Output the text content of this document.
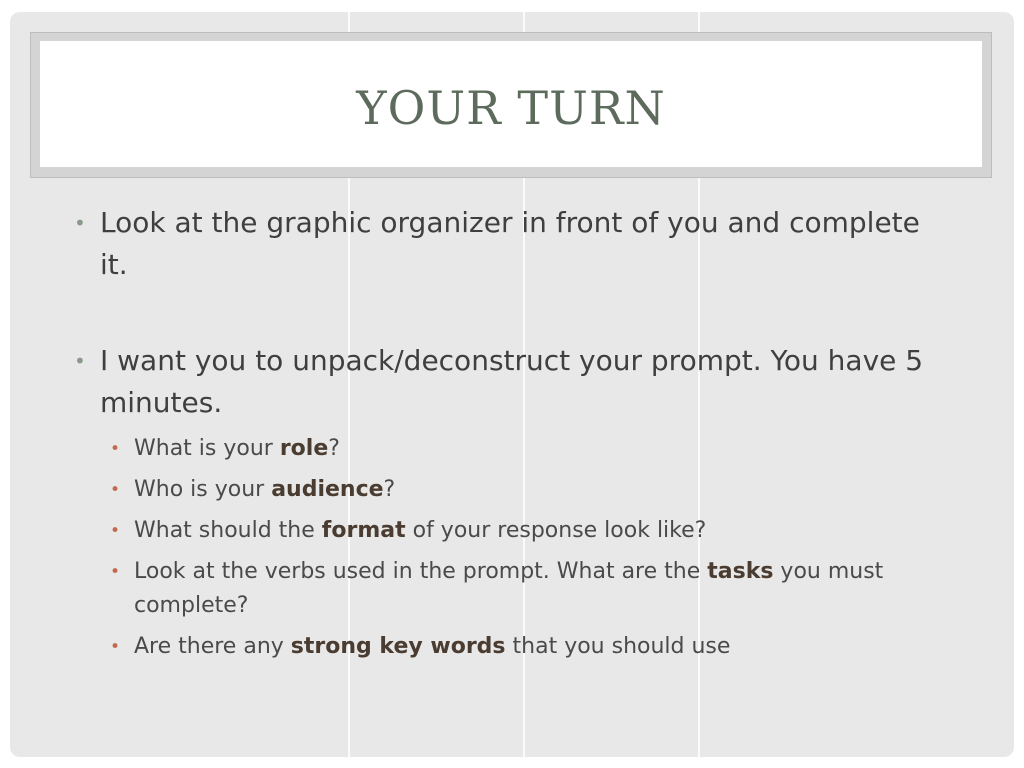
YOUR TURN
• Look at the graphic organizer in front of you and complete it.
• I want you to unpack/deconstruct your prompt. You have 5 minutes.
• What is your role?
• Who is your audience?
• What should the format of your response look like?
• Look at the verbs used in the prompt. What are the tasks you must complete?
• Are there any strong key words that you should use
